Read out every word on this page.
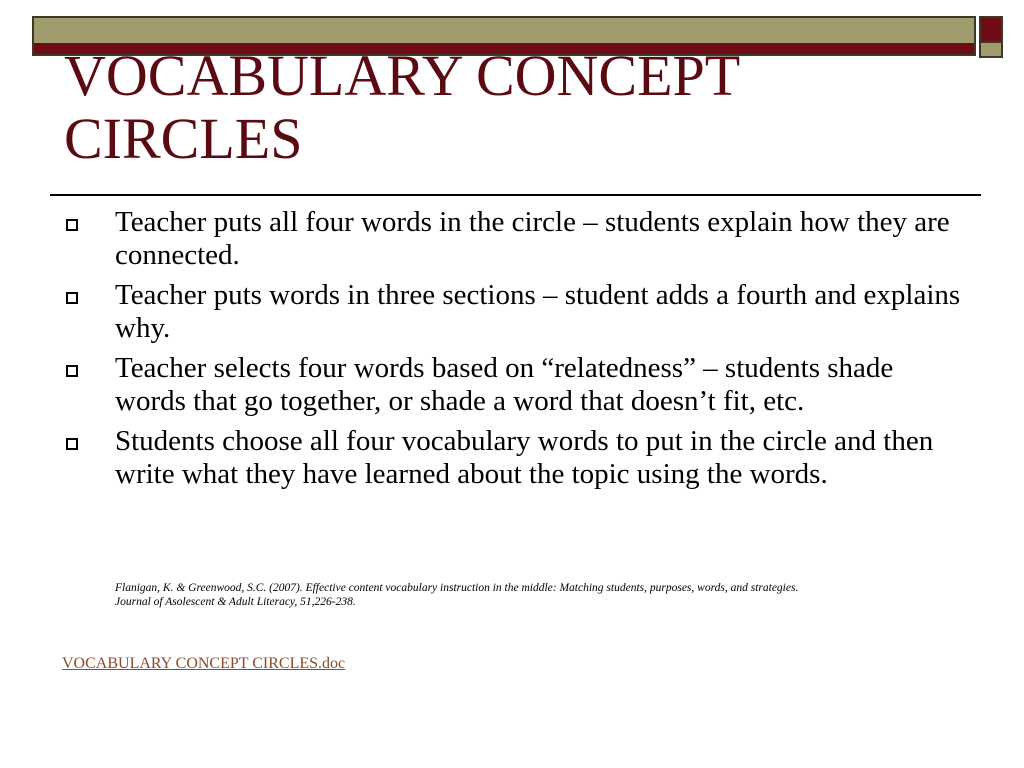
VOCABULARY CONCEPT
CIRCLES
Teacher puts all four words in the circle – students explain how they are connected.
Teacher puts words in three sections – student adds a fourth and explains why.
Teacher selects four words based on “relatedness” – students shade words that go together, or shade a word that doesn’t fit, etc.
Students choose all four vocabulary words to put in the circle and then write what they have learned about the topic using the words.

Flanigan, K. & Greenwood, S.C. (2007). Effective content vocabulary instruction in the middle: Matching students, purposes, words, and strategies.
Journal of Asolescent & Adult Literacy, 51,226-238.

VOCABULARY CONCEPT CIRCLES.doc
